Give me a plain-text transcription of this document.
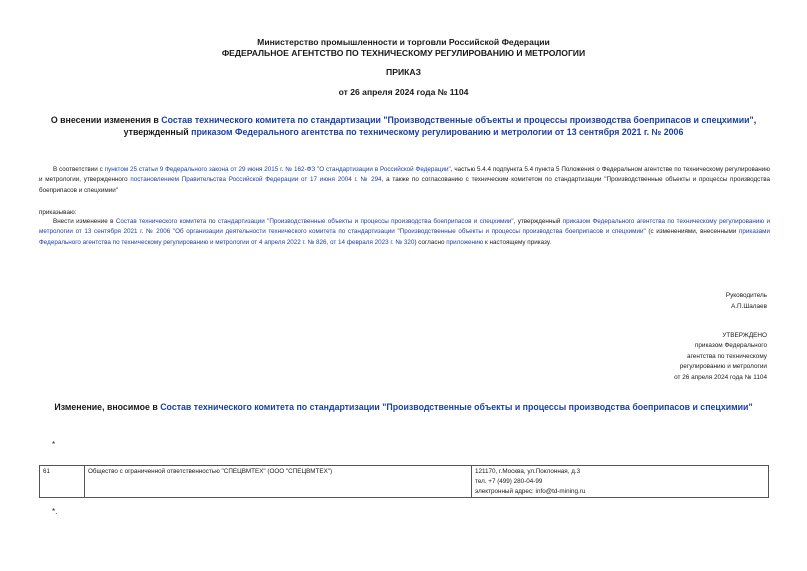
Министерство промышленности и торговли Российской Федерации
ФЕДЕРАЛЬНОЕ АГЕНТСТВО ПО ТЕХНИЧЕСКОМУ РЕГУЛИРОВАНИЮ И МЕТРОЛОГИИ
ПРИКАЗ
от 26 апреля 2024 года № 1104
О внесении изменения в Состав технического комитета по стандартизации "Производственные объекты и процессы производства боеприпасов и спецхимии", утвержденный приказом Федерального агентства по техническому регулированию и метрологии от 13 сентября 2021 г. № 2006
В соответствии с пунктом 25 статьи 9 Федерального закона от 29 июня 2015 г. № 162-ФЗ "О стандартизации в Российской Федерации", частью 5.4.4 подпункта 5.4 пункта 5 Положения о Федеральном агентстве по техническому регулированию и метрологии, утвержденного постановлением Правительства Российской Федерации от 17 июня 2004 г. № 294, а также по согласованию с техническим комитетом по стандартизации "Производственные объекты и процессы производства боеприпасов и спецхимии"
приказываю:
Внести изменение в Состав технического комитета по стандартизации "Производственные объекты и процессы производства боеприпасов и спецхимии", утвержденный приказом Федерального агентства по техническому регулированию и метрологии от 13 сентября 2021 г. № 2006 "Об организации деятельности технического комитета по стандартизации "Производственные объекты и процессы производства боеприпасов и спецхимии" (с изменениями, внесенными приказами Федерального агентства по техническому регулированию и метрологии от 4 апреля 2022 г. № 826, от 14 февраля 2023 г. № 320) согласно приложению к настоящему приказу.
Руководитель
А.П.Шалаев
УТВЕРЖДЕНО
приказом Федерального
агентства по техническому
регулированию и метрологии
от 26 апреля 2024 года № 1104
Изменение, вносимое в Состав технического комитета по стандартизации "Производственные объекты и процессы производства боеприпасов и спецхимии"
*
61	Общество с ограниченной ответственностью "СПЕЦВМТЕХ" (ООО "СПЕЦВМТЕХ")	121170, г.Москва, ул.Поклонная, д.3
тел. +7 (499) 280-04-99
электронный адрес: info@td-mining.ru
*.
